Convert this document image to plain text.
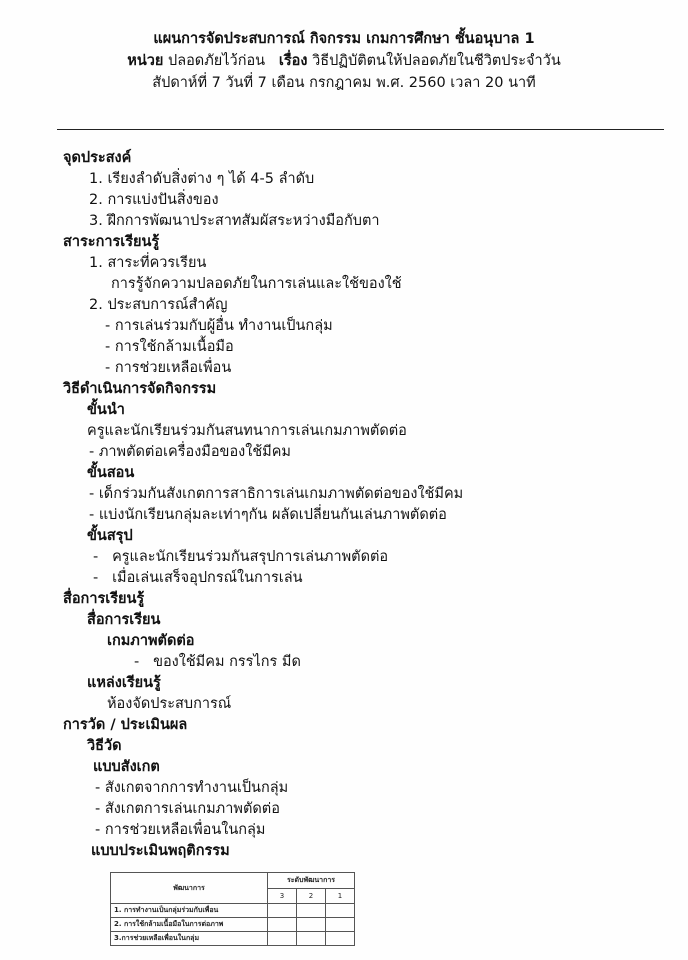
แผนการจัดประสบการณ์ กิจกรรม เกมการศึกษา ชั้นอนุบาล 1
หน่วย ปลอดภัยไว้ก่อน เรื่อง วิธีปฏิบัติตนให้ปลอดภัยในชีวิตประจำวัน
สัปดาห์ที่ 7 วันที่ 7 เดือน กรกฎาคม พ.ศ. 2560 เวลา 20 นาที
จุดประสงค์
1. เรียงลำดับสิ่งต่าง ๆ ได้ 4-5 ลำดับ
2. การแบ่งปันสิ่งของ
3. ฝึกการพัฒนาประสาทสัมผัสระหว่างมือกับตา
สาระการเรียนรู้
1. สาระที่ควรเรียน
การรู้จักความปลอดภัยในการเล่นและใช้ของใช้
2. ประสบการณ์สำคัญ
- การเล่นร่วมกับผู้อื่น ทำงานเป็นกลุ่ม
- การใช้กล้ามเนื้อมือ
- การช่วยเหลือเพื่อน
วิธีดำเนินการจัดกิจกรรม
ขั้นนำ
ครูและนักเรียนร่วมกันสนทนาการเล่นเกมภาพตัดต่อ
- ภาพตัดต่อเครื่องมือของใช้มีคม
ขั้นสอน
- เด็กร่วมกันสังเกตการสาธิการเล่นเกมภาพตัดต่อของใช้มีคม
- แบ่งนักเรียนกลุ่มละเท่าๆกัน ผลัดเปลี่ยนกันเล่นภาพตัดต่อ
ขั้นสรุป
-   ครูและนักเรียนร่วมกันสรุปการเล่นภาพตัดต่อ
-   เมื่อเล่นเสร็จอุปกรณ์ในการเล่น
สื่อการเรียนรู้
สื่อการเรียน
เกมภาพตัดต่อ
-   ของใช้มีคม กรรไกร มีด
แหล่งเรียนรู้
ห้องจัดประสบการณ์
การวัด / ประเมินผล
วิธีวัด
แบบสังเกต
- สังเกตจากการทำงานเป็นกลุ่ม
- สังเกตการเล่นเกมภาพตัดต่อ
- การช่วยเหลือเพื่อนในกลุ่ม
แบบประเมินพฤติกรรม
พัฒนาการ	ระดับพัฒนาการ		
	3	2	1
1. การทำงานเป็นกลุ่มร่วมกับเพื่อน			
2. การใช้กล้ามเนื้อมือในการต่อภาพ			
3.การช่วยเหลือเพื่อนในกลุ่ม			
